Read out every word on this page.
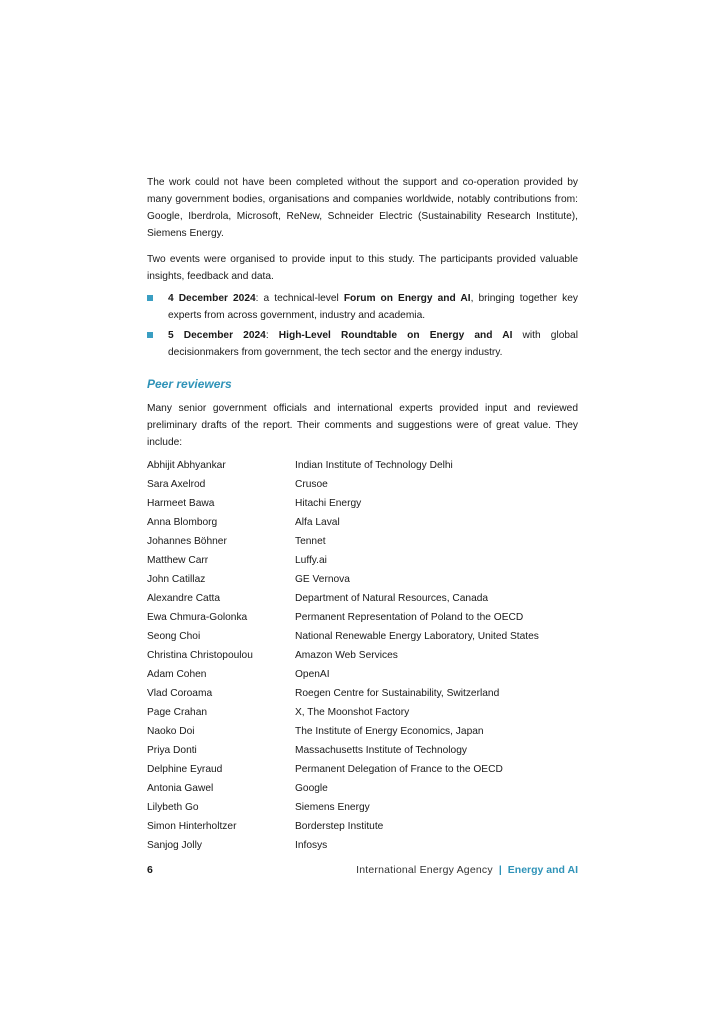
The work could not have been completed without the support and co-operation provided by many government bodies, organisations and companies worldwide, notably contributions from: Google, Iberdrola, Microsoft, ReNew, Schneider Electric (Sustainability Research Institute), Siemens Energy.

Two events were organised to provide input to this study. The participants provided valuable insights, feedback and data.

4 December 2024: a technical-level Forum on Energy and AI, bringing together key experts from across government, industry and academia.
5 December 2024: High-Level Roundtable on Energy and AI with global decisionmakers from government, the tech sector and the energy industry.
Peer reviewers

Many senior government officials and international experts provided input and reviewed preliminary drafts of the report. Their comments and suggestions were of great value. They include:

Abhijit Abhyankar	Indian Institute of Technology Delhi
Sara Axelrod	Crusoe
Harmeet Bawa	Hitachi Energy
Anna Blomborg	Alfa Laval
Johannes Böhner	Tennet
Matthew Carr	Luffy.ai
John Catillaz	GE Vernova
Alexandre Catta	Department of Natural Resources, Canada
Ewa Chmura-Golonka	Permanent Representation of Poland to the OECD
Seong Choi	National Renewable Energy Laboratory, United States
Christina Christopoulou	Amazon Web Services
Adam Cohen	OpenAI
Vlad Coroama	Roegen Centre for Sustainability, Switzerland
Page Crahan	X, The Moonshot Factory
Naoko Doi	The Institute of Energy Economics, Japan
Priya Donti	Massachusetts Institute of Technology
Delphine Eyraud	Permanent Delegation of France to the OECD
Antonia Gawel	Google
Lilybeth Go	Siemens Energy
Simon Hinterholtzer	Borderstep Institute
Sanjog Jolly	Infosys
6	International Energy Agency | Energy and AI
